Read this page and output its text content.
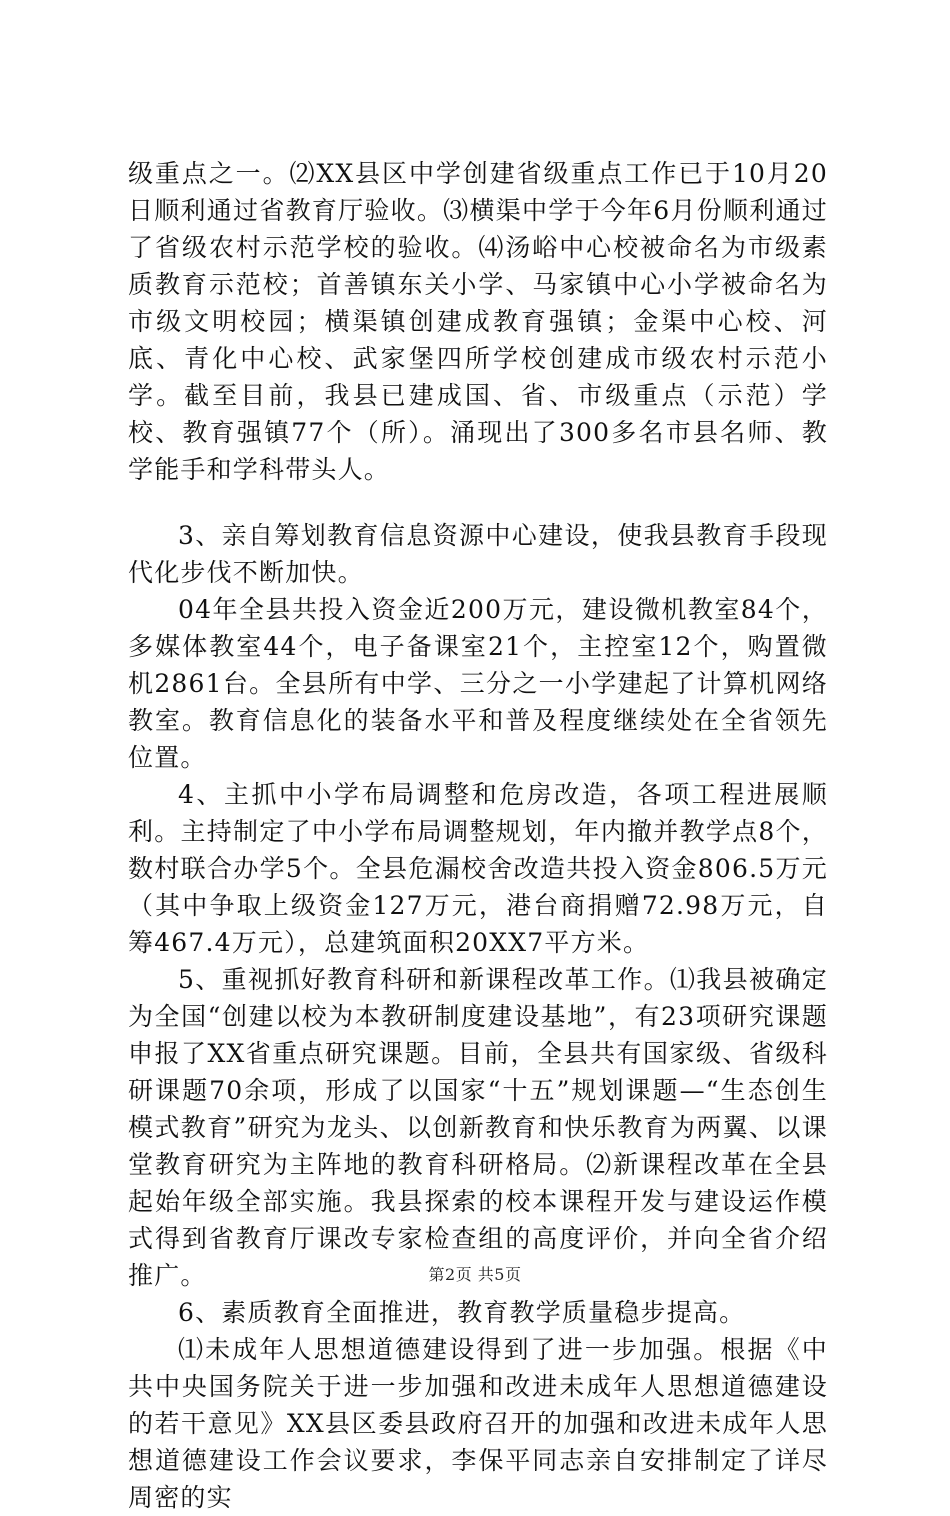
级重点之一。⑵XX县区中学创建省级重点工作已于10月20日顺利通过省教育厅验收。⑶横渠中学于今年6月份顺利通过了省级农村示范学校的验收。⑷汤峪中心校被命名为市级素质教育示范校；首善镇东关小学、马家镇中心小学被命名为市级文明校园；横渠镇创建成教育强镇；金渠中心校、河底、青化中心校、武家堡四所学校创建成市级农村示范小学。截至目前，我县已建成国、省、市级重点（示范）学校、教育强镇77个（所）。涌现出了300多名市县名师、教学能手和学科带头人。

3、亲自筹划教育信息资源中心建设，使我县教育手段现代化步伐不断加快。

04年全县共投入资金近200万元，建设微机教室84个，多媒体教室44个，电子备课室21个，主控室12个，购置微机2861台。全县所有中学、三分之一小学建起了计算机网络教室。教育信息化的装备水平和普及程度继续处在全省领先位置。

4、主抓中小学布局调整和危房改造，各项工程进展顺利。主持制定了中小学布局调整规划，年内撤并教学点8个，数村联合办学5个。全县危漏校舍改造共投入资金806.5万元（其中争取上级资金127万元，港台商捐赠72.98万元，自筹467.4万元），总建筑面积20XX7平方米。

5、重视抓好教育科研和新课程改革工作。⑴我县被确定为全国“创建以校为本教研制度建设基地”，有23项研究课题申报了XX省重点研究课题。目前，全县共有国家级、省级科研课题70余项，形成了以国家“十五”规划课题—“生态创生模式教育”研究为龙头、以创新教育和快乐教育为两翼、以课堂教育研究为主阵地的教育科研格局。⑵新课程改革在全县起始年级全部实施。我县探索的校本课程开发与建设运作模式得到省教育厅课改专家检查组的高度评价，并向全省介绍推广。

6、素质教育全面推进，教育教学质量稳步提高。

⑴未成年人思想道德建设得到了进一步加强。根据《中共中央国务院关于进一步加强和改进未成年人思想道德建设的若干意见》XX县区委县政府召开的加强和改进未成年人思想道德建设工作会议要求，李保平同志亲自安排制定了详尽周密的实

第2页 共5页
